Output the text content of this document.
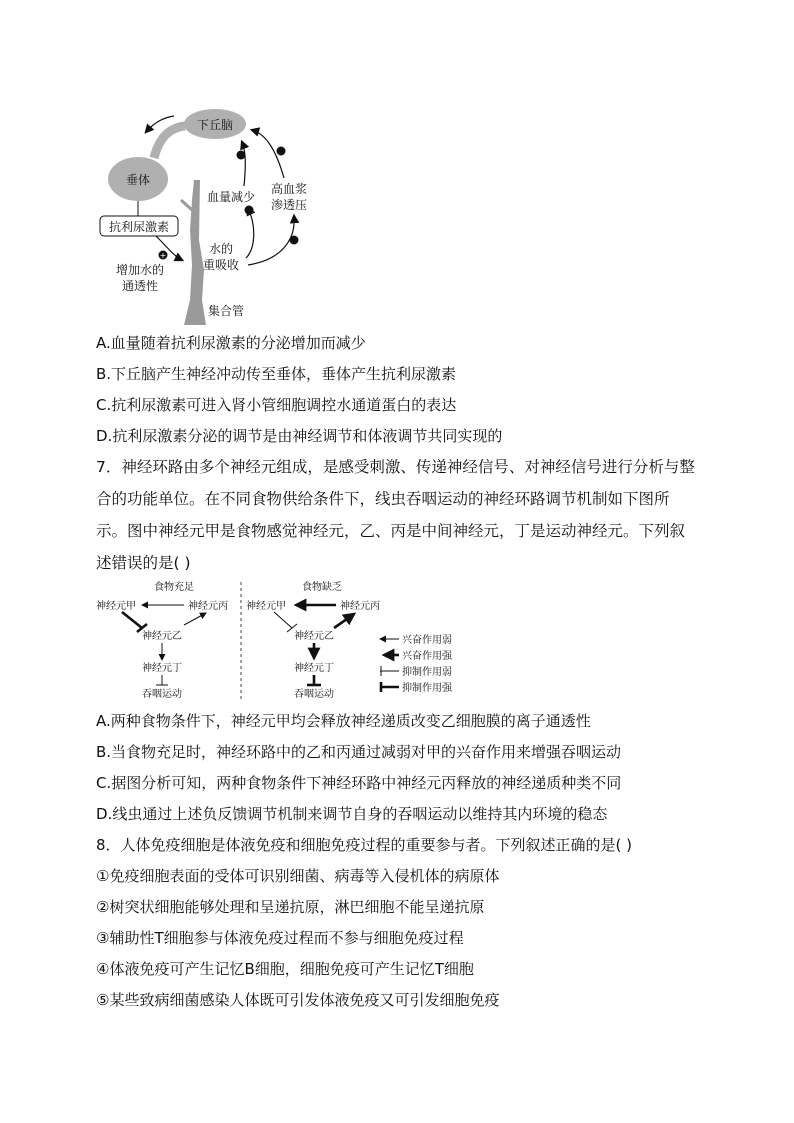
下丘脑
垂体
抗利尿激素
+
增加水的
通透性
血量减少
高血浆
渗透压
水的
重吸收
集合管
A.血量随着抗利尿激素的分泌增加而减少
B.下丘脑产生神经冲动传至垂体，垂体产生抗利尿激素
C.抗利尿激素可进入肾小管细胞调控水通道蛋白的表达
D.抗利尿激素分泌的调节是由神经调节和体液调节共同实现的
7．神经环路由多个神经元组成，是感受刺激、传递神经信号、对神经信号进行分析与整合的功能单位。在不同食物供给条件下，线虫吞咽运动的神经环路调节机制如下图所示。图中神经元甲是食物感觉神经元，乙、丙是中间神经元，丁是运动神经元。下列叙述错误的是( )
食物充足
神经元甲	神经元丙
神经元乙
神经元丁
吞咽运动
食物缺乏
神经元甲	神经元丙
神经元乙
神经元丁
吞咽运动
兴奋作用弱
兴奋作用强
抑制作用弱
抑制作用强
A.两种食物条件下，神经元甲均会释放神经递质改变乙细胞膜的离子通透性
B.当食物充足时，神经环路中的乙和丙通过减弱对甲的兴奋作用来增强吞咽运动
C.据图分析可知，两种食物条件下神经环路中神经元丙释放的神经递质种类不同
D.线虫通过上述负反馈调节机制来调节自身的吞咽运动以维持其内环境的稳态
8．人体免疫细胞是体液免疫和细胞免疫过程的重要参与者。下列叙述正确的是( )
①免疫细胞表面的受体可识别细菌、病毒等入侵机体的病原体
②树突状细胞能够处理和呈递抗原，淋巴细胞不能呈递抗原
③辅助性T细胞参与体液免疫过程而不参与细胞免疫过程
④体液免疫可产生记忆B细胞，细胞免疫可产生记忆T细胞
⑤某些致病细菌感染人体既可引发体液免疫又可引发细胞免疫
